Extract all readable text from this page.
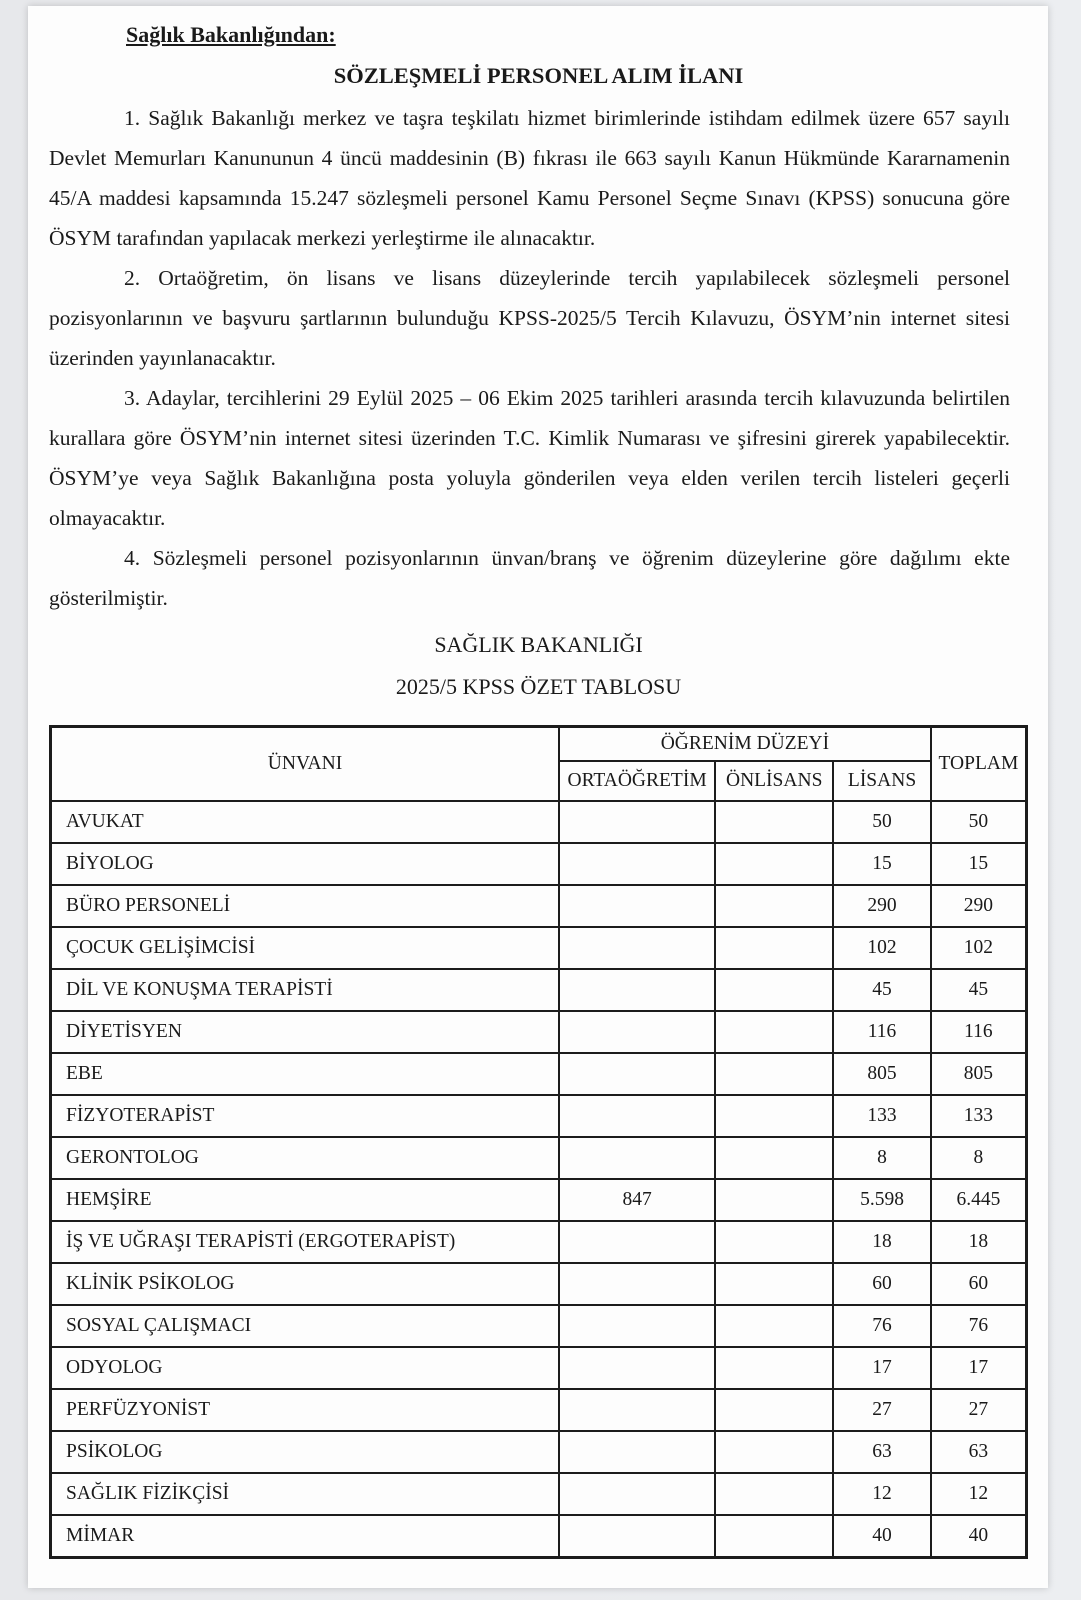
Sağlık Bakanlığından:
SÖZLEŞMELİ PERSONEL ALIM İLANI

1. Sağlık Bakanlığı merkez ve taşra teşkilatı hizmet birimlerinde istihdam edilmek üzere 657 sayılı Devlet Memurları Kanununun 4 üncü maddesinin (B) fıkrası ile 663 sayılı Kanun Hükmünde Kararnamenin 45/A maddesi kapsamında 15.247 sözleşmeli personel Kamu Personel Seçme Sınavı (KPSS) sonucuna göre ÖSYM tarafından yapılacak merkezi yerleştirme ile alınacaktır.

2. Ortaöğretim, ön lisans ve lisans düzeylerinde tercih yapılabilecek sözleşmeli personel pozisyonlarının ve başvuru şartlarının bulunduğu KPSS-2025/5 Tercih Kılavuzu, ÖSYM’nin internet sitesi üzerinden yayınlanacaktır.

3. Adaylar, tercihlerini 29 Eylül 2025 – 06 Ekim 2025 tarihleri arasında tercih kılavuzunda belirtilen kurallara göre ÖSYM’nin internet sitesi üzerinden T.C. Kimlik Numarası ve şifresini girerek yapabilecektir. ÖSYM’ye veya Sağlık Bakanlığına posta yoluyla gönderilen veya elden verilen tercih listeleri geçerli olmayacaktır.

4. Sözleşmeli personel pozisyonlarının ünvan/branş ve öğrenim düzeylerine göre dağılımı ekte gösterilmiştir.

SAĞLIK BAKANLIĞI
2025/5 KPSS ÖZET TABLOSU
ÜNVANI	ÖĞRENİM DÜZEYİ			TOPLAM
	ORTAÖĞRETİM	ÖNLİSANS	LİSANS	
AVUKAT			50	50
BİYOLOG			15	15
BÜRO PERSONELİ			290	290
ÇOCUK GELİŞİMCİSİ			102	102
DİL VE KONUŞMA TERAPİSTİ			45	45
DİYETİSYEN			116	116
EBE			805	805
FİZYOTERAPİST			133	133
GERONTOLOG			8	8
HEMŞİRE	847		5.598	6.445
İŞ VE UĞRAŞI TERAPİSTİ (ERGOTERAPİST)			18	18
KLİNİK PSİKOLOG			60	60
SOSYAL ÇALIŞMACI			76	76
ODYOLOG			17	17
PERFÜZYONİST			27	27
PSİKOLOG			63	63
SAĞLIK FİZİKÇİSİ			12	12
MİMAR			40	40
